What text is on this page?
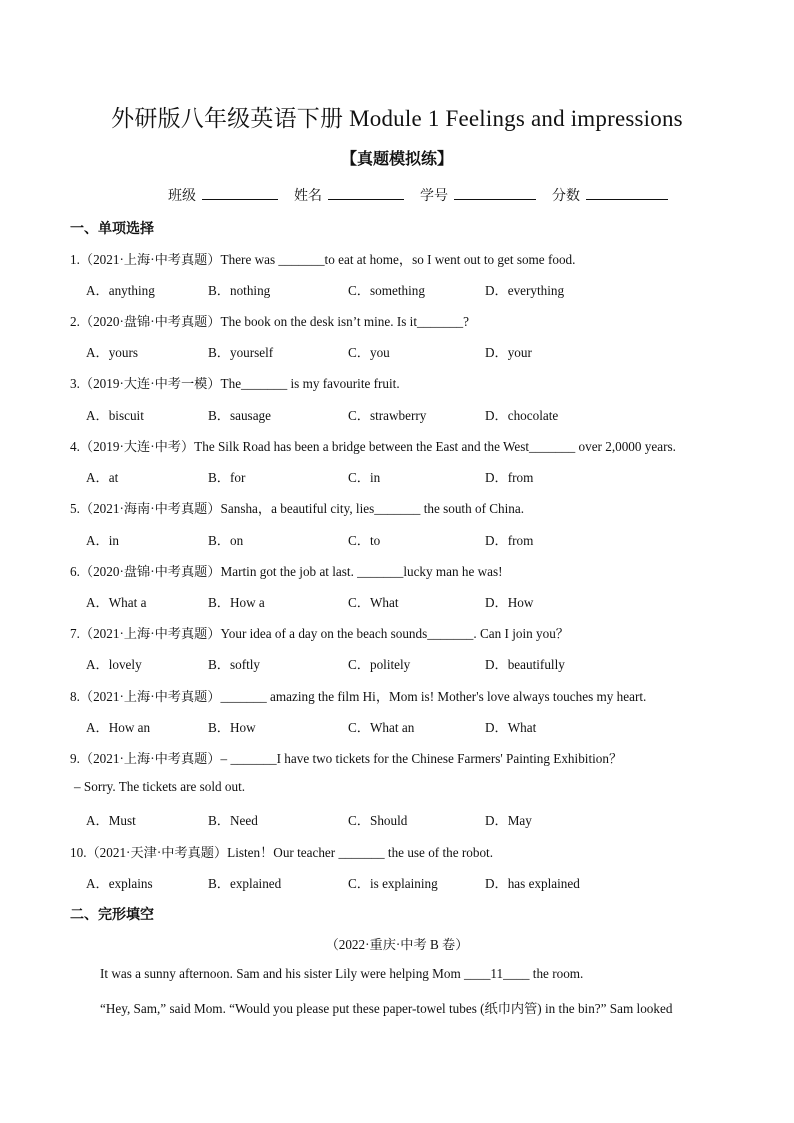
外研版八年级英语下册 Module 1 Feelings and impressions
【真题模拟练】
班级	姓名	学号	分数
一、单项选择
1.（2021·上海·中考真题）There was _______to eat at home，so I went out to get some food.
A．anything	B．nothing	C．something	D．everything
2.（2020·盘锦·中考真题）The book on the desk isn’t mine. Is it_______?
A．yours	B．yourself	C．you	D．your
3.（2019·大连·中考一模）The_______ is my favourite fruit.
A．biscuit	B．sausage	C．strawberry	D．chocolate
4.（2019·大连·中考）The Silk Road has been a bridge between the East and the West_______ over 2,0000 years.
A．at	B．for	C．in	D．from
5.（2021·海南·中考真题）Sansha，a beautiful city, lies_______ the south of China.
A．in	B．on	C．to	D．from
6.（2020·盘锦·中考真题）Martin got the job at last. _______lucky man he was!
A．What a	B．How a	C．What	D．How
7.（2021·上海·中考真题）Your idea of a day on the beach sounds_______. Can I join you？
A．lovely	B．softly	C．politely	D．beautifully
8.（2021·上海·中考真题）_______ amazing the film Hi，Mom is! Mother's love always touches my heart.
A．How an	B．How	C．What an	D．What
9.（2021·上海·中考真题）– _______I have two tickets for the Chinese Farmers' Painting Exhibition？
– Sorry. The tickets are sold out.
A．Must	B．Need	C．Should	D．May
10.（2021·天津·中考真题）Listen！Our teacher _______ the use of the robot.
A．explains	B．explained	C．is explaining	D．has explained
二、完形填空
（2022·重庆·中考 B 卷）
It was a sunny afternoon. Sam and his sister Lily were helping Mom ____11____ the room.
“Hey, Sam,” said Mom. “Would you please put these paper-towel tubes (纸巾内管) in the bin?” Sam looked
